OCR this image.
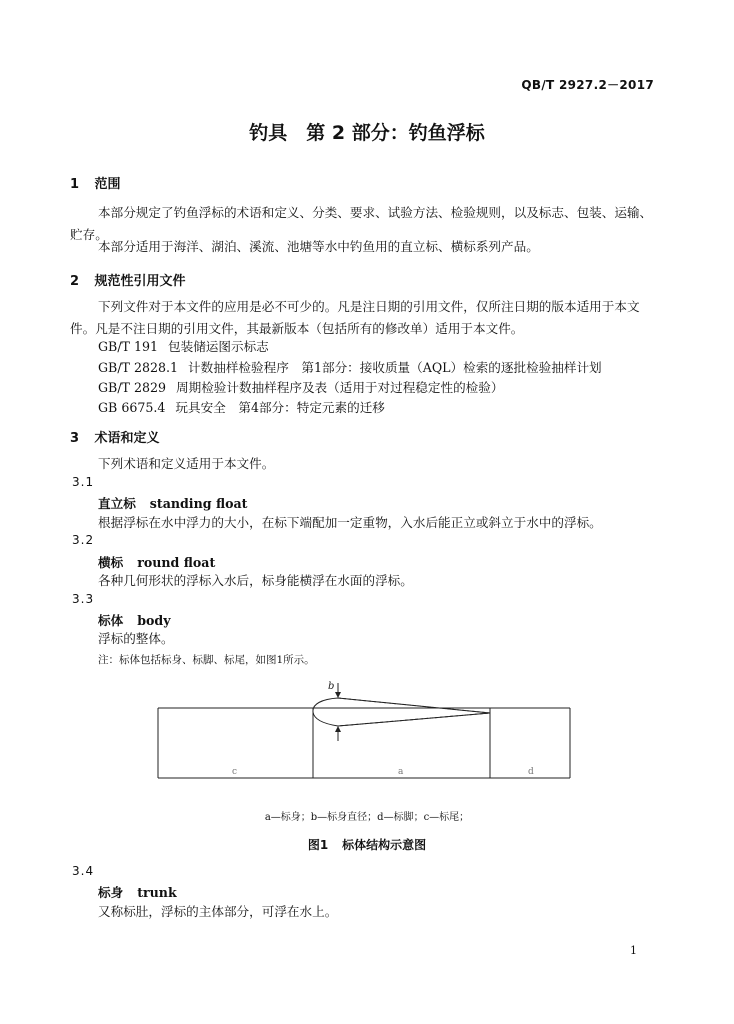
QB/T 2927.2－2017
钓具　第 2 部分：钓鱼浮标
1 范围
本部分规定了钓鱼浮标的术语和定义、分类、要求、试验方法、检验规则，以及标志、包装、运输、贮存。
本部分适用于海洋、湖泊、溪流、池塘等水中钓鱼用的直立标、横标系列产品。
2 规范性引用文件
下列文件对于本文件的应用是必不可少的。凡是注日期的引用文件，仅所注日期的版本适用于本文件。凡是不注日期的引用文件，其最新版本（包括所有的修改单）适用于本文件。
GB/T 191 包装储运图示标志
GB/T 2828.1 计数抽样检验程序　第1部分：接收质量（AQL）检索的逐批检验抽样计划
GB/T 2829 周期检验计数抽样程序及表（适用于对过程稳定性的检验）
GB 6675.4 玩具安全　第4部分：特定元素的迁移
3 术语和定义
下列术语和定义适用于本文件。
3.1
直立标 standing float
根据浮标在水中浮力的大小，在标下端配加一定重物，入水后能正立或斜立于水中的浮标。
3.2
横标 round float
各种几何形状的浮标入水后，标身能横浮在水面的浮标。
3.3
标体 body
浮标的整体。
注：标体包括标身、标脚、标尾，如图1所示。
b
c	a	d
a—标身；b—标身直径；d—标脚；c—标尾；
图1 标体结构示意图
3.4
标身 trunk
又称标肚，浮标的主体部分，可浮在水上。
1
